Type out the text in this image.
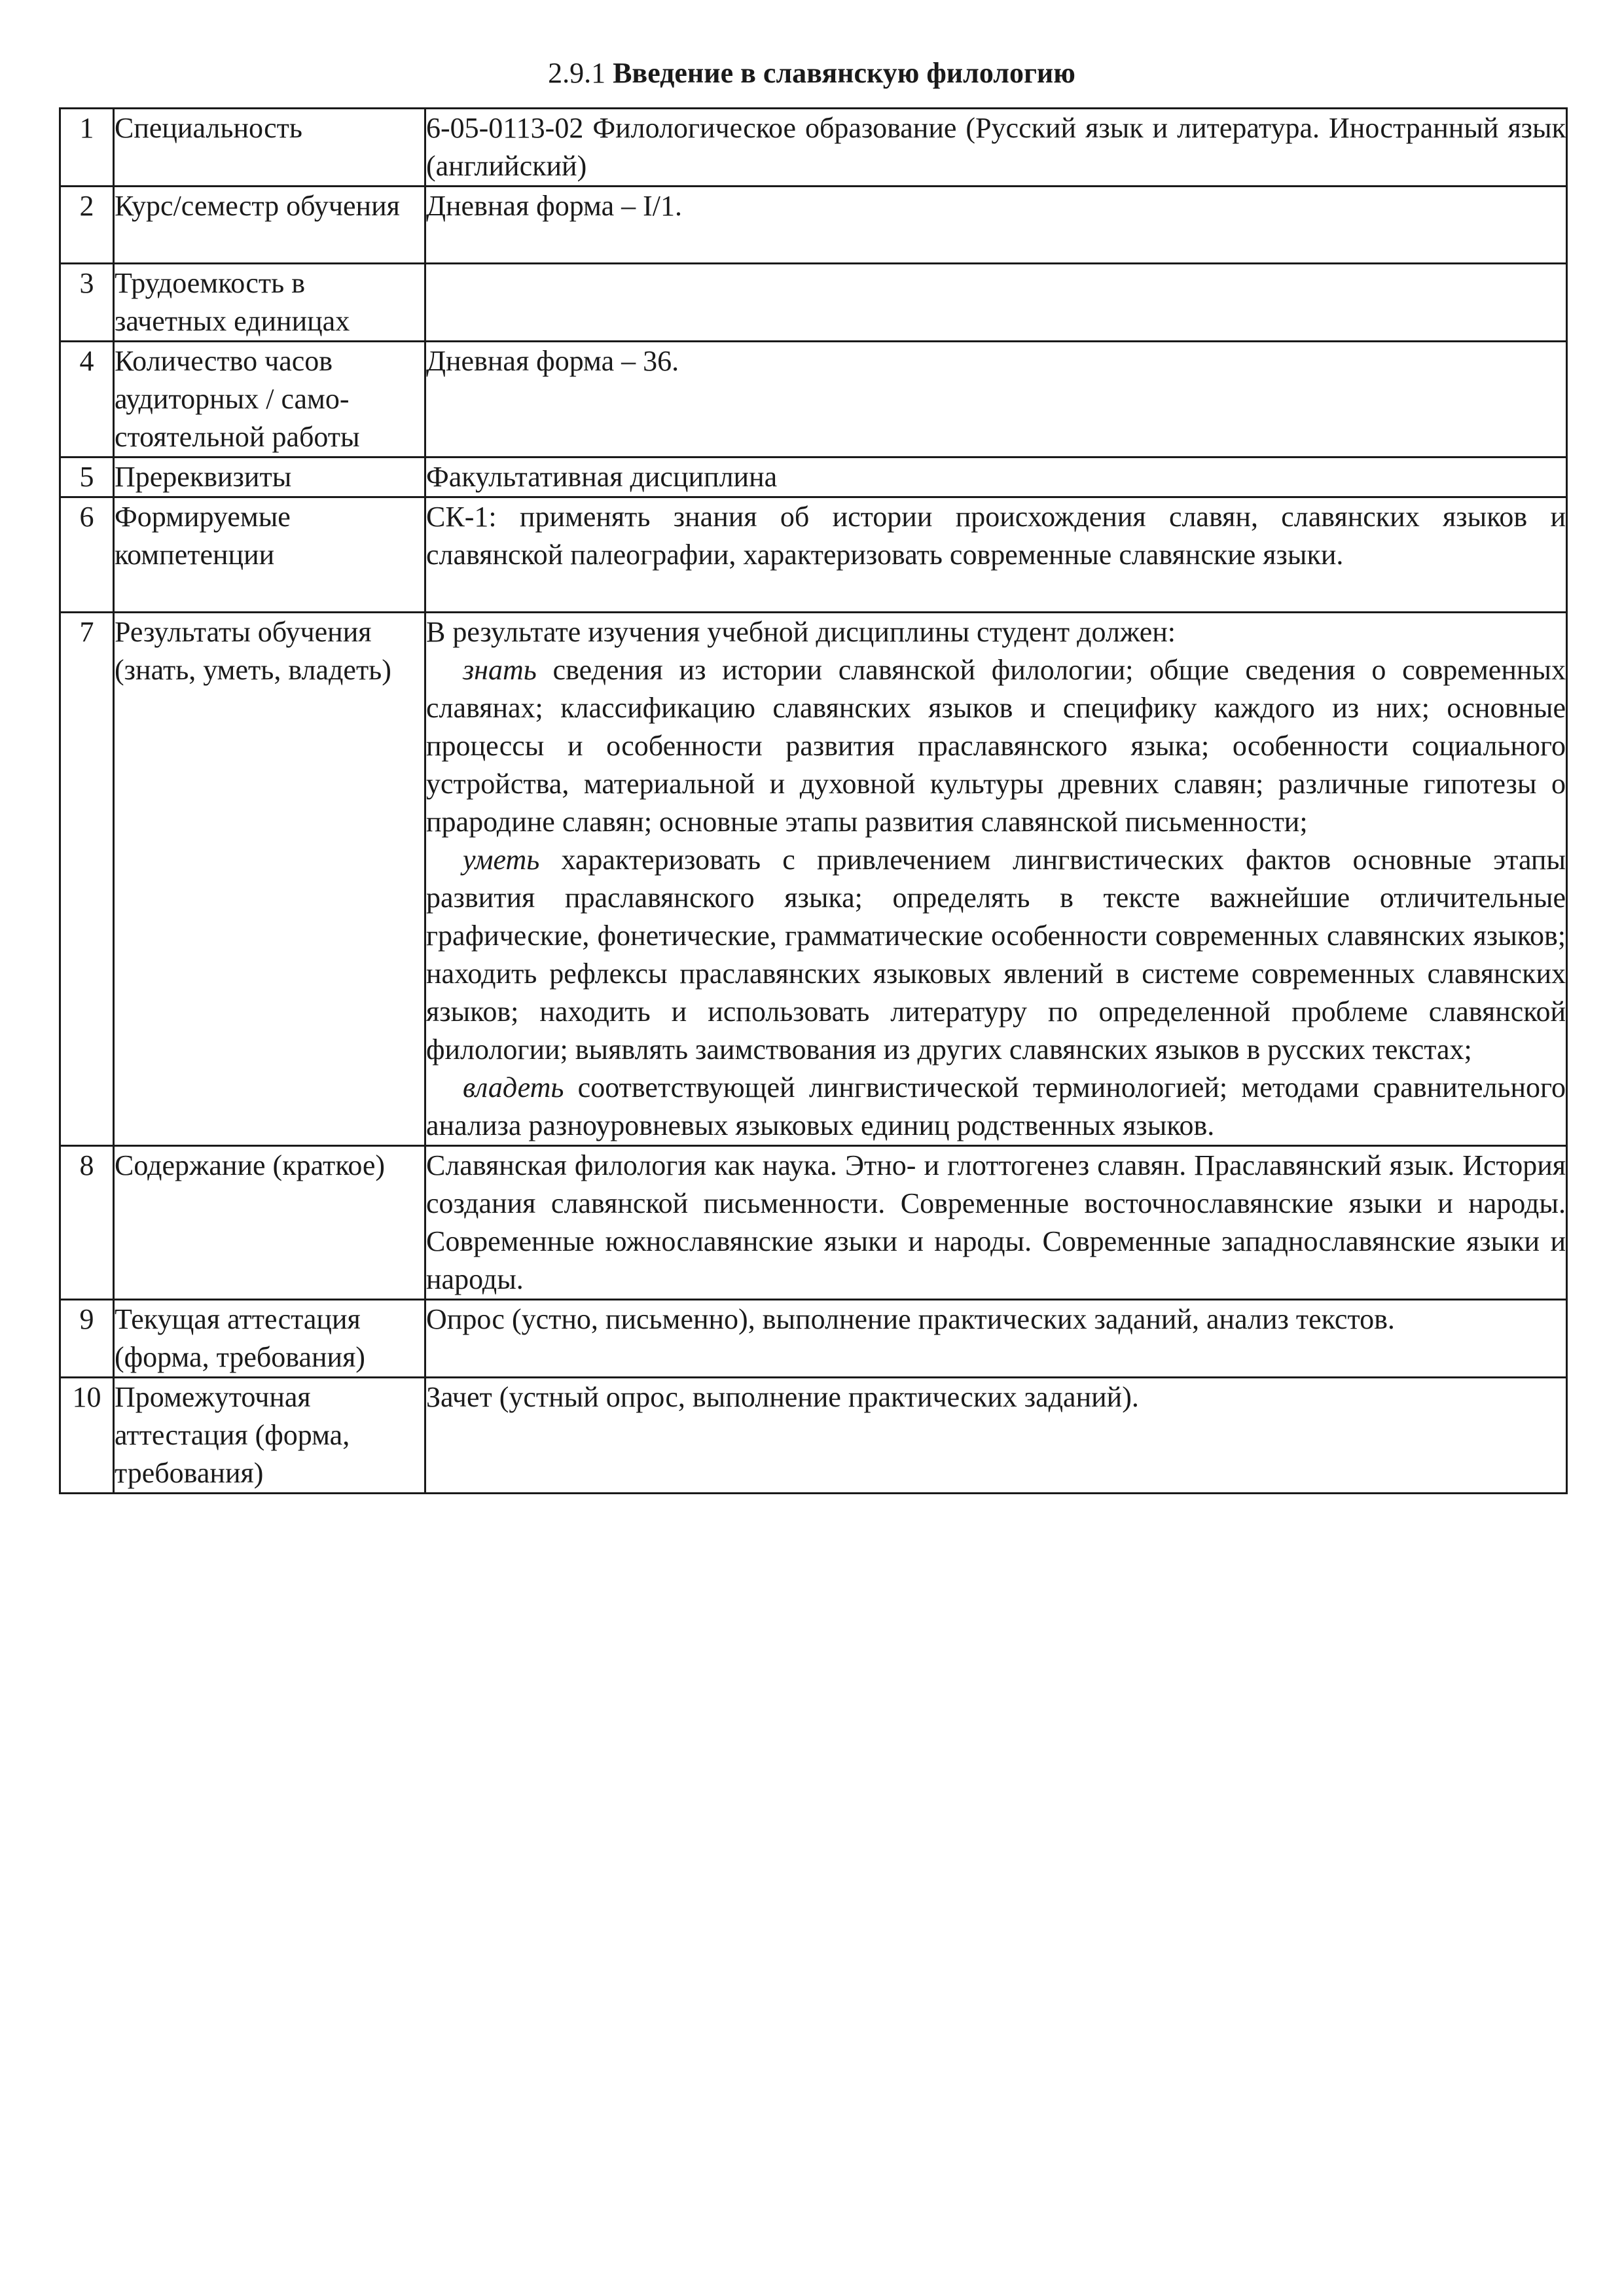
2.9.1 Введение в славянскую филологию
1	Специальность	6-05-0113-02 Филологическое образование (Русский язык и литература. Иностранный язык (английский)
2	Курс/семестр обучения	Дневная форма – I/1.
3	Трудоемкость в зачетных единицах	
4	Количество часов аудиторных / само-стоятельной работы	Дневная форма – 36.
5	Пререквизиты	Факультативная дисциплина
6	Формируемые компетенции	СК-1: применять знания об истории происхождения славян, славянских языков и славянской палеографии, характеризовать современные славянские языки.
7	Результаты обучения (знать, уметь, владеть)	В результате изучения учебной дисциплины студент должен:
знать сведения из истории славянской филологии; общие сведения о современных славянах; классификацию славянских языков и специфику каждого из них; основные процессы и особенности развития праславянского языка; особенности социального устройства, материальной и духовной культуры древних славян; различные гипотезы о прародине славян; основные этапы развития славянской письменности;
уметь характеризовать с привлечением лингвистических фактов основные этапы развития праславянского языка; определять в тексте важнейшие отличительные графические, фонетические, грамматические особенности современных славянских языков; находить рефлексы праславянских языковых явлений в системе современных славянских языков; находить и использовать литературу по определенной проблеме славянской филологии; выявлять заимствования из других славянских языков в русских текстах;
владеть соответствующей лингвистической терминологией; методами сравнительного анализа разноуровневых языковых единиц родственных языков.

8	Содержание (краткое)	Славянская филология как наука. Этно- и глоттогенез славян. Праславянский язык. История создания славянской письменности. Современные восточнославянские языки и народы. Современные южнославянские языки и народы. Современные западнославянские языки и народы.
9	Текущая аттестация (форма, требования)	Опрос (устно, письменно), выполнение практических заданий, анализ текстов.
10	Промежуточная аттестация (форма, требования)	Зачет (устный опрос, выполнение практических заданий).
